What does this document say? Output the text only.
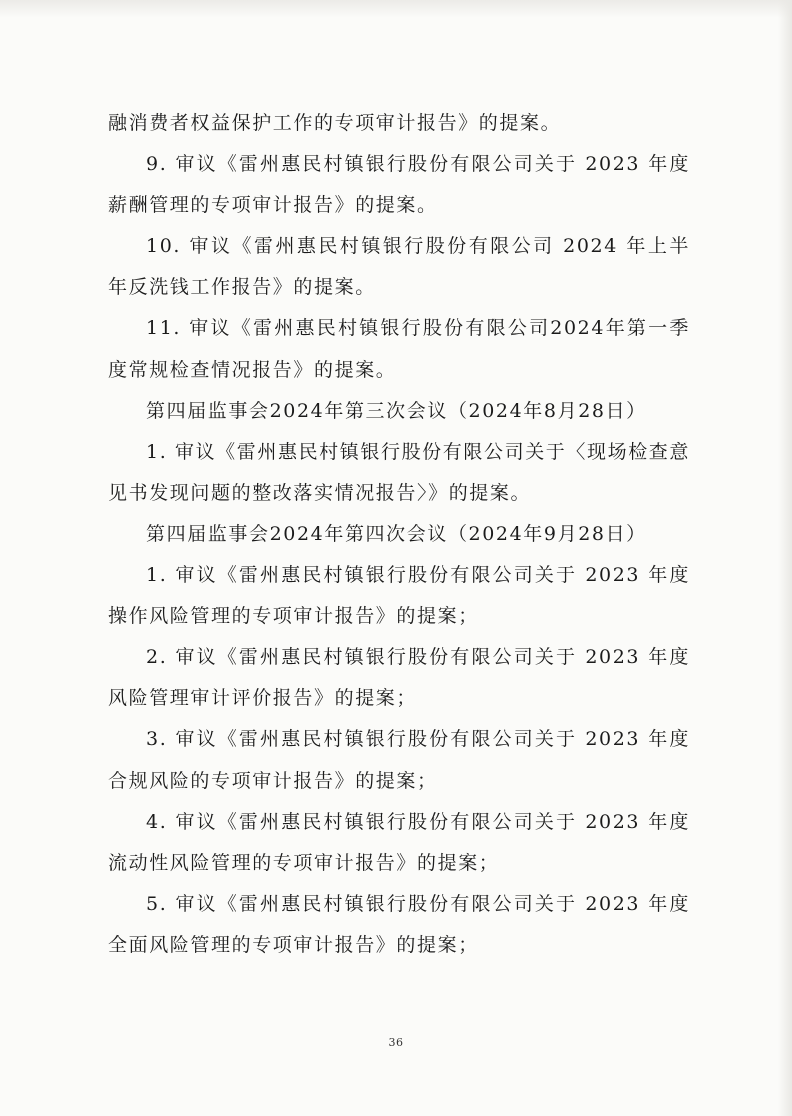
融消费者权益保护工作的专项审计报告》的提案。

9. 审议《雷州惠民村镇银行股份有限公司关于 2023 年度薪酬管理的专项审计报告》的提案。

10. 审议《雷州惠民村镇银行股份有限公司 2024 年上半年反洗钱工作报告》的提案。

11. 审议《雷州惠民村镇银行股份有限公司2024年第一季度常规检查情况报告》的提案。

第四届监事会2024年第三次会议（2024年8月28日）

1. 审议《雷州惠民村镇银行股份有限公司关于〈现场检查意见书发现问题的整改落实情况报告〉》的提案。

第四届监事会2024年第四次会议（2024年9月28日）

1. 审议《雷州惠民村镇银行股份有限公司关于 2023 年度操作风险管理的专项审计报告》的提案；

2. 审议《雷州惠民村镇银行股份有限公司关于 2023 年度风险管理审计评价报告》的提案；

3. 审议《雷州惠民村镇银行股份有限公司关于 2023 年度合规风险的专项审计报告》的提案；

4. 审议《雷州惠民村镇银行股份有限公司关于 2023 年度流动性风险管理的专项审计报告》的提案；

5. 审议《雷州惠民村镇银行股份有限公司关于 2023 年度全面风险管理的专项审计报告》的提案；

36
